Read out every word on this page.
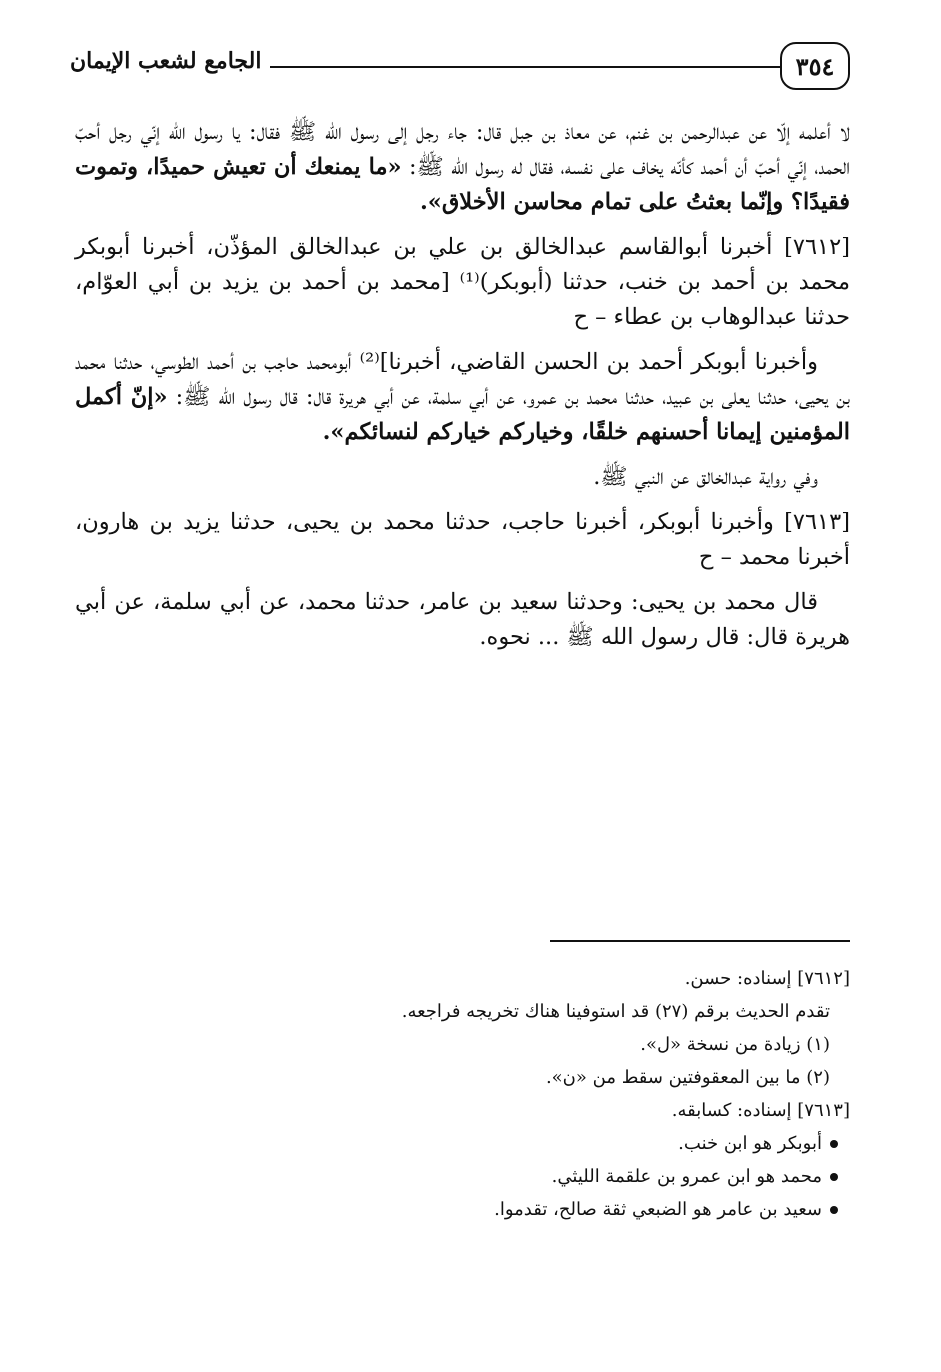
٣٥٤
الجامع لشعب الإيمان

لا أعلمه إلّا عن عبدالرحمن بن غنم، عن معاذ بن جبل قال: جاء رجل إلى رسول الله ﷺ فقال: يا رسول الله إنّي رجل أحبّ الحمد، إنّي أحبّ أن أحمد كأنّه يخاف على نفسه، فقال له رسول الله ﷺ: «ما يمنعك أن تعيش حميدًا، وتموت فقيدًا؟ وإنّما بعثتُ على تمام محاسن الأخلاق».

[٧٦١٢] أخبرنا أبوالقاسم عبدالخالق بن علي بن عبدالخالق المؤذّن، أخبرنا أبوبكر محمد بن أحمد بن خنب، حدثنا (أبوبكر)⁽¹⁾ [محمد بن أحمد بن يزيد بن أبي العوّام، حدثنا عبدالوهاب بن عطاء – ح

وأخبرنا أبوبكر أحمد بن الحسن القاضي، أخبرنا]⁽²⁾ أبومحمد حاجب بن أحمد الطوسي، حدثنا محمد بن يحيى، حدثنا يعلى بن عبيد، حدثنا محمد بن عمرو، عن أبي سلمة، عن أبي هريرة قال: قال رسول الله ﷺ: «إنّ أكمل المؤمنين إيمانا أحسنهم خلقًا، وخياركم خياركم لنسائكم».

وفي رواية عبدالخالق عن النبي ﷺ.

[٧٦١٣] وأخبرنا أبوبكر، أخبرنا حاجب، حدثنا محمد بن يحيى، حدثنا يزيد بن هارون، أخبرنا محمد – ح

قال محمد بن يحيى: وحدثنا سعيد بن عامر، حدثنا محمد، عن أبي سلمة، عن أبي هريرة قال: قال رسول الله ﷺ ... نحوه.

[٧٦١٢] إسناده: حسن.

تقدم الحديث برقم (٢٧) قد استوفينا هناك تخريجه فراجعه.

(١) زيادة من نسخة «ل».

(٢) ما بين المعقوفتين سقط من «ن».

[٧٦١٣] إسناده: كسابقه.

أبوبكر هو ابن خنب.
محمد هو ابن عمرو بن علقمة الليثي.
سعيد بن عامر هو الضبعي ثقة صالح، تقدموا.
